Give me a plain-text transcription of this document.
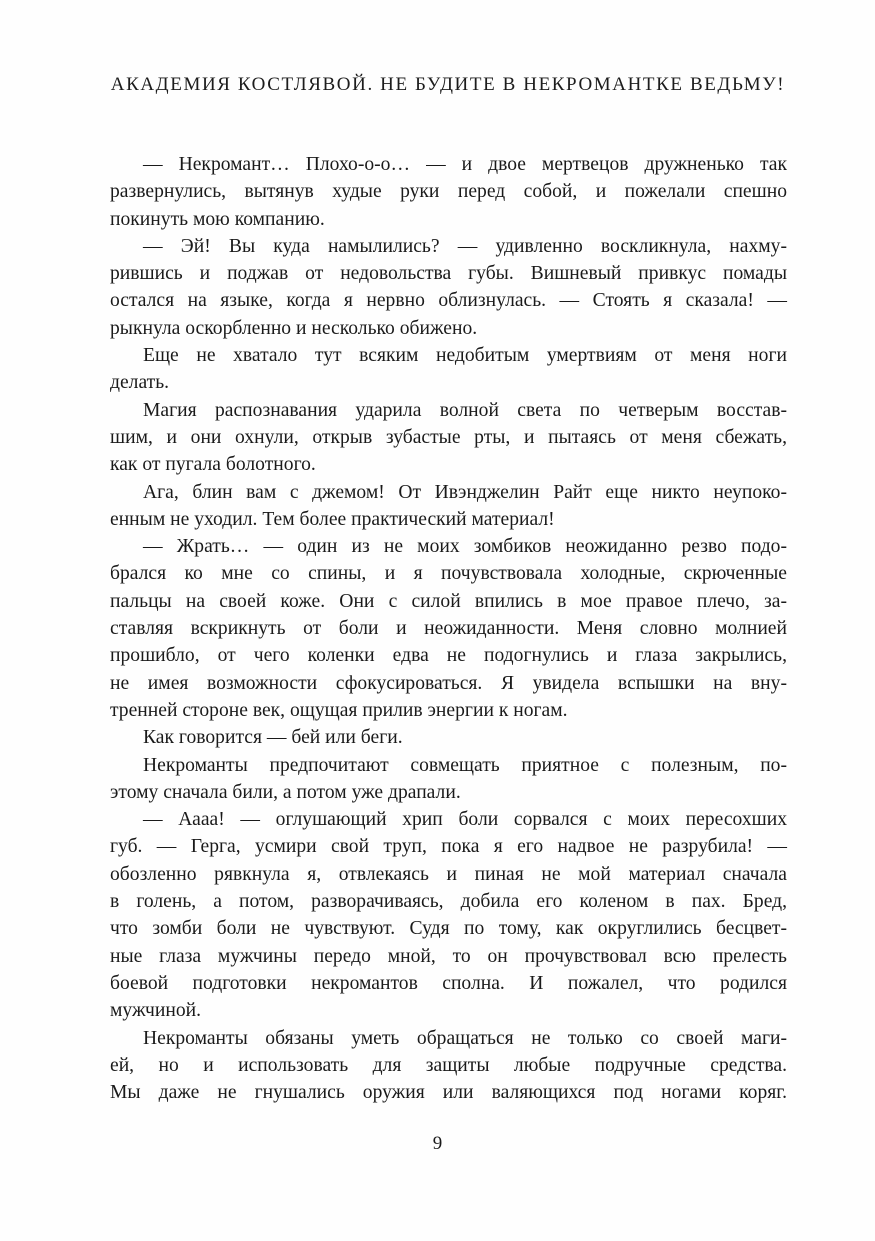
АКАДЕМИЯ КОСТЛЯВОЙ. НЕ БУДИТЕ В НЕКРОМАНТКЕ ВЕДЬМУ!
— Некромант… Плохо-о-о… — и двое мертвецов дружненько так
развернулись, вытянув худые руки перед собой, и пожелали спешно
покинуть мою компанию.
— Эй! Вы куда намылились? — удивленно воскликнула, нахму-
рившись и поджав от недовольства губы. Вишневый привкус помады
остался на языке, когда я нервно облизнулась. — Стоять я сказала! —
рыкнула оскорбленно и несколько обижено.
Еще не хватало тут всяким недобитым умертвиям от меня ноги
делать.
Магия распознавания ударила волной света по четверым восстав-
шим, и они охнули, открыв зубастые рты, и пытаясь от меня сбежать,
как от пугала болотного.
Ага, блин вам с джемом! От Ивэнджелин Райт еще никто неупоко-
енным не уходил. Тем более практический материал!
— Жрать… — один из не моих зомбиков неожиданно резво подо-
брался ко мне со спины, и я почувствовала холодные, скрюченные
пальцы на своей коже. Они с силой впились в мое правое плечо, за-
ставляя вскрикнуть от боли и неожиданности. Меня словно молнией
прошибло, от чего коленки едва не подогнулись и глаза закрылись,
не имея возможности сфокусироваться. Я увидела вспышки на вну-
тренней стороне век, ощущая прилив энергии к ногам.
Как говорится — бей или беги.
Некроманты предпочитают совмещать приятное с полезным, по-
этому сначала били, а потом уже драпали.
— Аааа! — оглушающий хрип боли сорвался с моих пересохших
губ. — Герга, усмири свой труп, пока я его надвое не разрубила! —
обозленно рявкнула я, отвлекаясь и пиная не мой материал сначала
в голень, а потом, разворачиваясь, добила его коленом в пах. Бред,
что зомби боли не чувствуют. Судя по тому, как округлились бесцвет-
ные глаза мужчины передо мной, то он прочувствовал всю прелесть
боевой подготовки некромантов сполна. И пожалел, что родился
мужчиной.
Некроманты обязаны уметь обращаться не только со своей маги-
ей, но и использовать для защиты любые подручные средства.
Мы даже не гнушались оружия или валяющихся под ногами коряг.
9
